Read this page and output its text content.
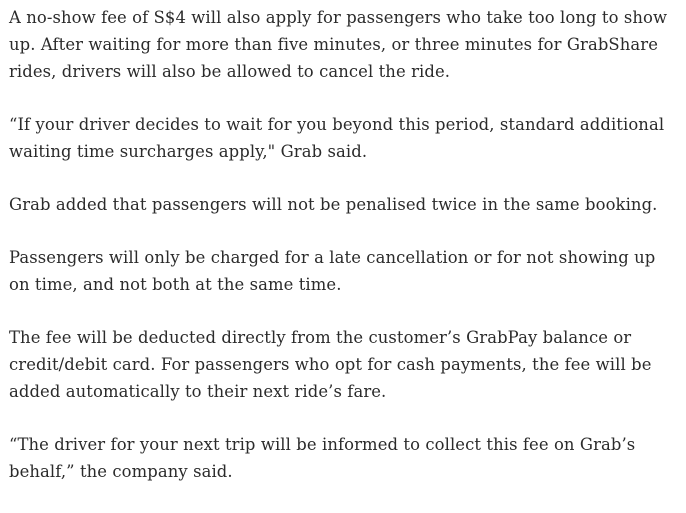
A no-show fee of S$4 will also apply for passengers who take too long to show up. After waiting for more than five minutes, or three minutes for GrabShare rides, drivers will also be allowed to cancel the ride.

“If your driver decides to wait for you beyond this period, standard additional waiting time surcharges apply," Grab said.

Grab added that passengers will not be penalised twice in the same booking.

Passengers will only be charged for a late cancellation or for not showing up on time, and not both at the same time.

The fee will be deducted directly from the customer’s GrabPay balance or credit/debit card. For passengers who opt for cash payments, the fee will be added automatically to their next ride’s fare.

“The driver for your next trip will be informed to collect this fee on Grab’s behalf,” the company said.
